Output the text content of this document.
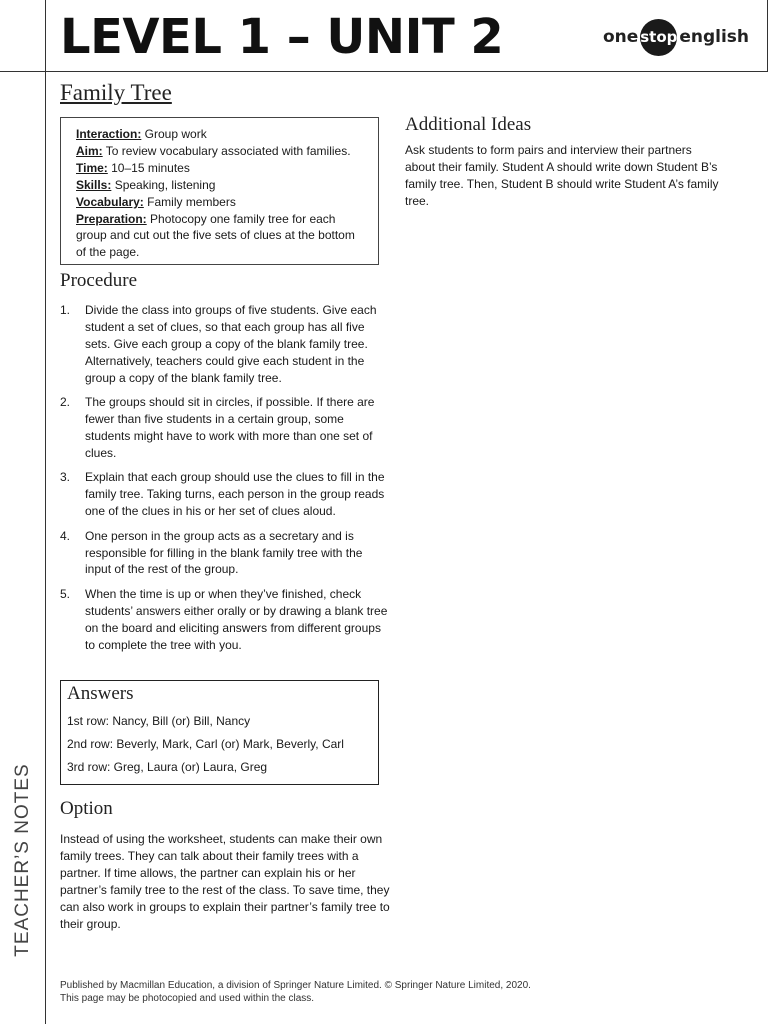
TEACHER’S NOTES
LEVEL 1 – UNIT 2	one stop english
Family Tree
Interaction: Group work
Aim: To review vocabulary associated with families.
Time: 10–15 minutes
Skills: Speaking, listening
Vocabulary: Family members
Preparation: Photocopy one family tree for each group and cut out the five sets of clues at the bottom of the page.
Procedure
1.	Divide the class into groups of five students. Give each student a set of clues, so that each group has all five sets. Give each group a copy of the blank family tree. Alternatively, teachers could give each student in the group a copy of the blank family tree.
2.	The groups should sit in circles, if possible. If there are fewer than five students in a certain group, some students might have to work with more than one set of clues.
3.	Explain that each group should use the clues to fill in the family tree. Taking turns, each person in the group reads one of the clues in his or her set of clues aloud.
4.	One person in the group acts as a secretary and is responsible for filling in the blank family tree with the input of the rest of the group.
5.	When the time is up or when they’ve finished, check students’ answers either orally or by drawing a blank tree on the board and eliciting answers from different groups to complete the tree with you.
Answers
1st row: Nancy, Bill (or) Bill, Nancy
2nd row: Beverly, Mark, Carl (or) Mark, Beverly, Carl
3rd row: Greg, Laura (or) Laura, Greg
Option
Instead of using the worksheet, students can make their own family trees. They can talk about their family trees with a partner. If time allows, the partner can explain his or her partner’s family tree to the rest of the class. To save time, they can also work in groups to explain their partner’s family tree to their group.
Additional Ideas
Ask students to form pairs and interview their partners about their family. Student A should write down Student B’s family tree. Then, Student B should write Student A’s family tree.
Published by Macmillan Education, a division of Springer Nature Limited. © Springer Nature Limited, 2020.
This page may be photocopied and used within the class.
